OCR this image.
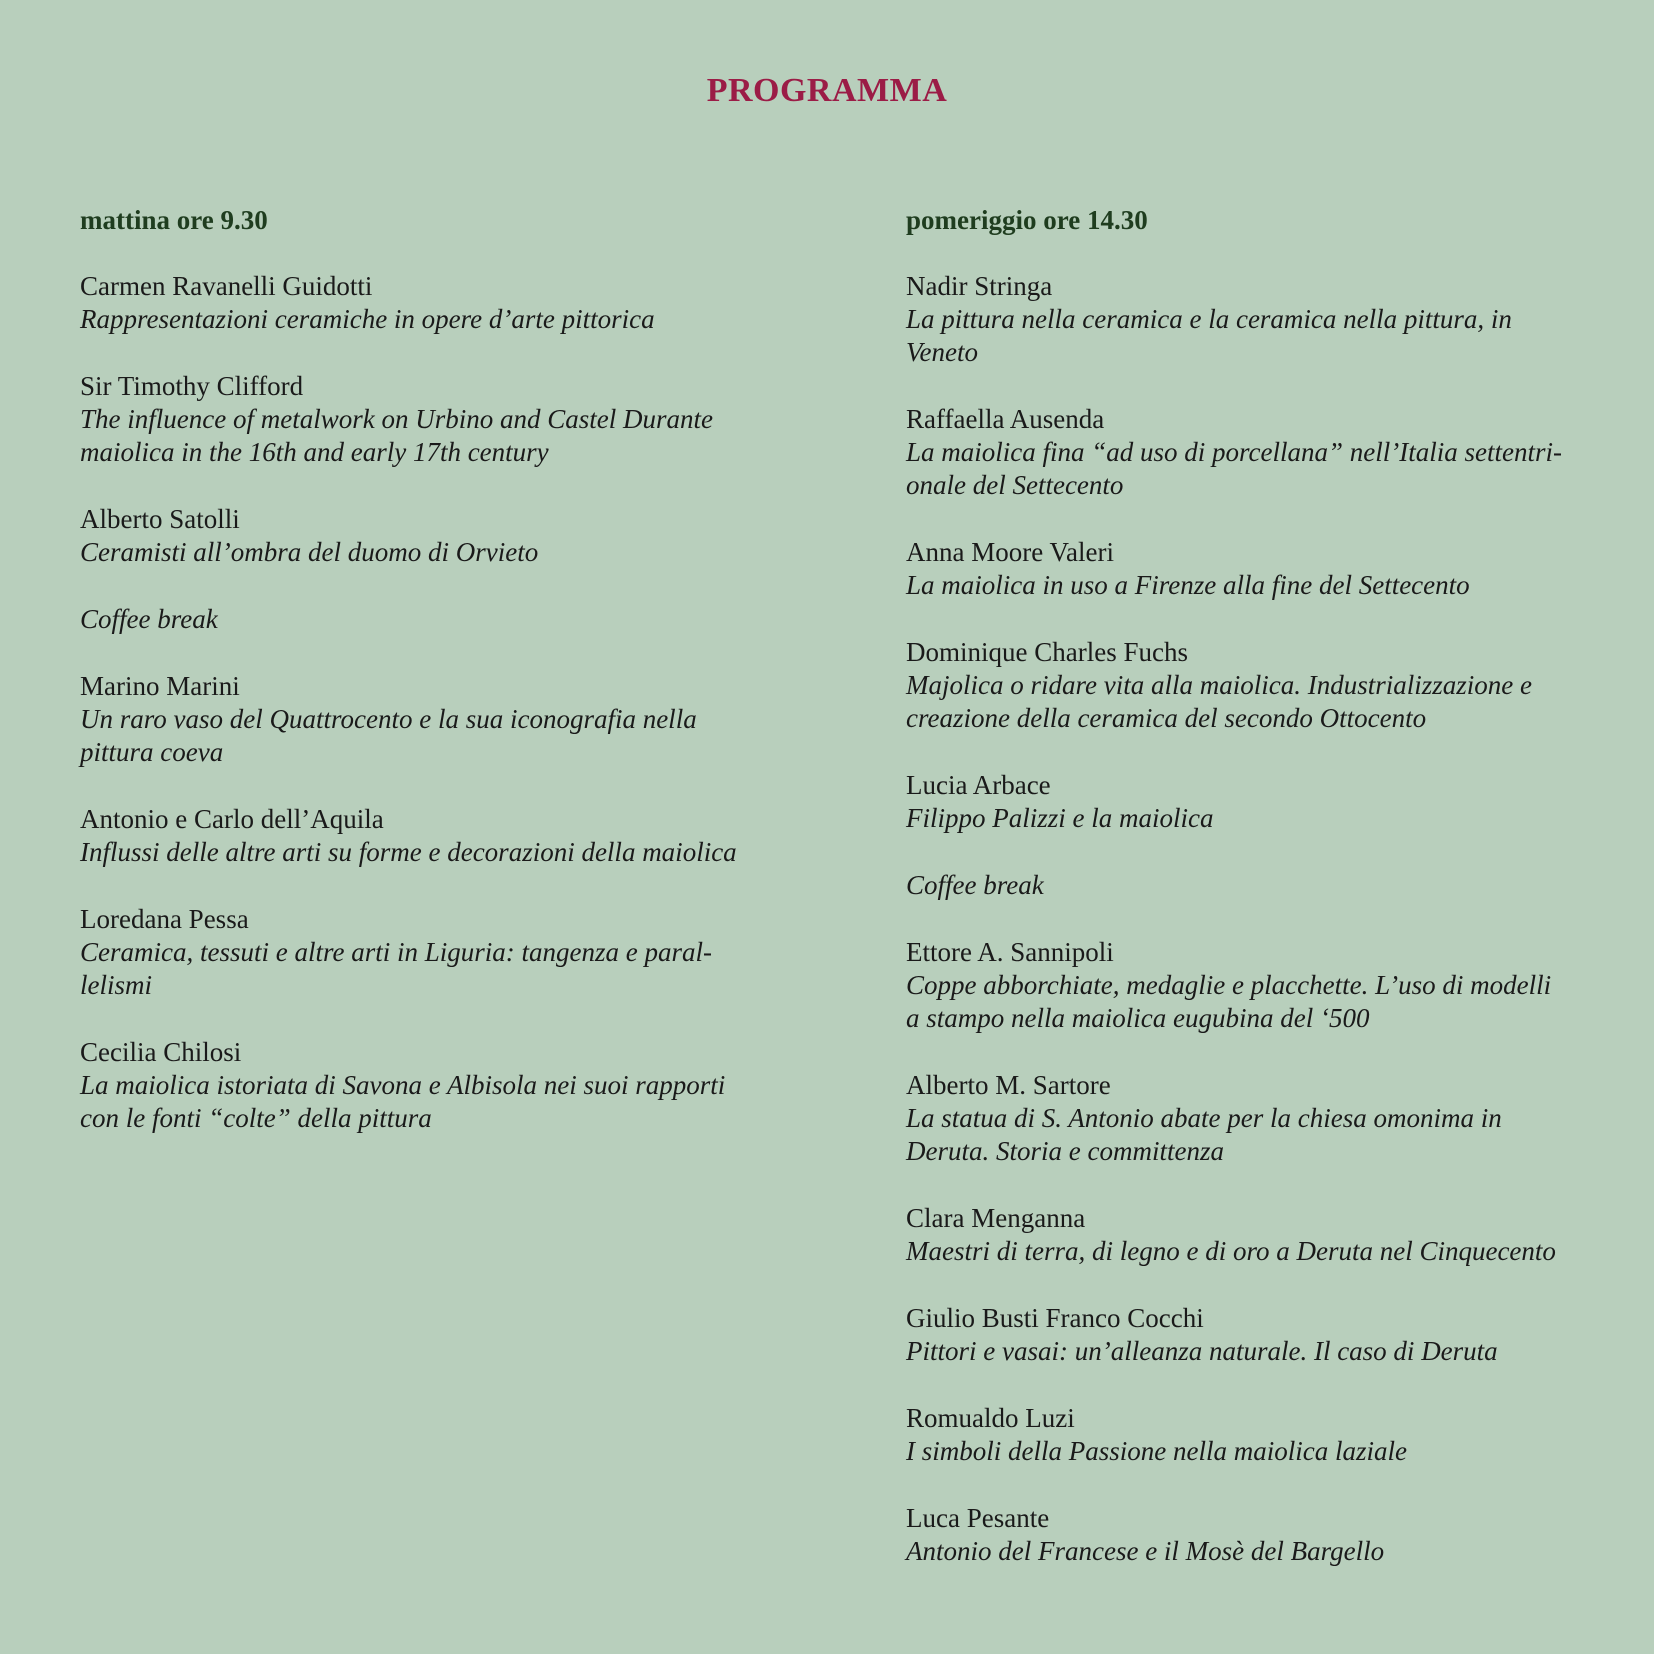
PROGRAMMA
mattina ore 9.30
Carmen Ravanelli Guidotti
Rappresentazioni ceramiche in opere d’arte pittorica
Sir Timothy Clifford
The influence of metalwork on Urbino and Castel Durante maiolica in the 16th and early 17th century
Alberto Satolli
Ceramisti all’ombra del duomo di Orvieto
Coffee break
Marino Marini
Un raro vaso del Quattrocento e la sua iconografia nella pittura coeva
Antonio e Carlo dell’Aquila
Influssi delle altre arti su forme e decorazioni della maiolica
Loredana Pessa
Ceramica, tessuti e altre arti in Liguria: tangenza e parallelismi
Cecilia Chilosi
La maiolica istoriata di Savona e Albisola nei suoi rapporti con le fonti “colte” della pittura
pomeriggio ore 14.30
Nadir Stringa
La pittura nella ceramica e la ceramica nella pittura, in Veneto
Raffaella Ausenda
La maiolica fina “ad uso di porcellana” nell’Italia settentrionale del Settecento
Anna Moore Valeri
La maiolica in uso a Firenze alla fine del Settecento
Dominique Charles Fuchs
Majolica o ridare vita alla maiolica. Industrializzazione e creazione della ceramica del secondo Ottocento
Lucia Arbace
Filippo Palizzi e la maiolica
Coffee break
Ettore A. Sannipoli
Coppe abborchiate, medaglie e placchette. L’uso di modelli a stampo nella maiolica eugubina del ‘500
Alberto M. Sartore
La statua di S. Antonio abate per la chiesa omonima in Deruta. Storia e committenza
Clara Menganna
Maestri di terra, di legno e di oro a Deruta nel Cinquecento
Giulio Busti Franco Cocchi
Pittori e vasai: un’alleanza naturale. Il caso di Deruta
Romualdo Luzi
I simboli della Passione nella maiolica laziale
Luca Pesante
Antonio del Francese e il Mosè del Bargello
